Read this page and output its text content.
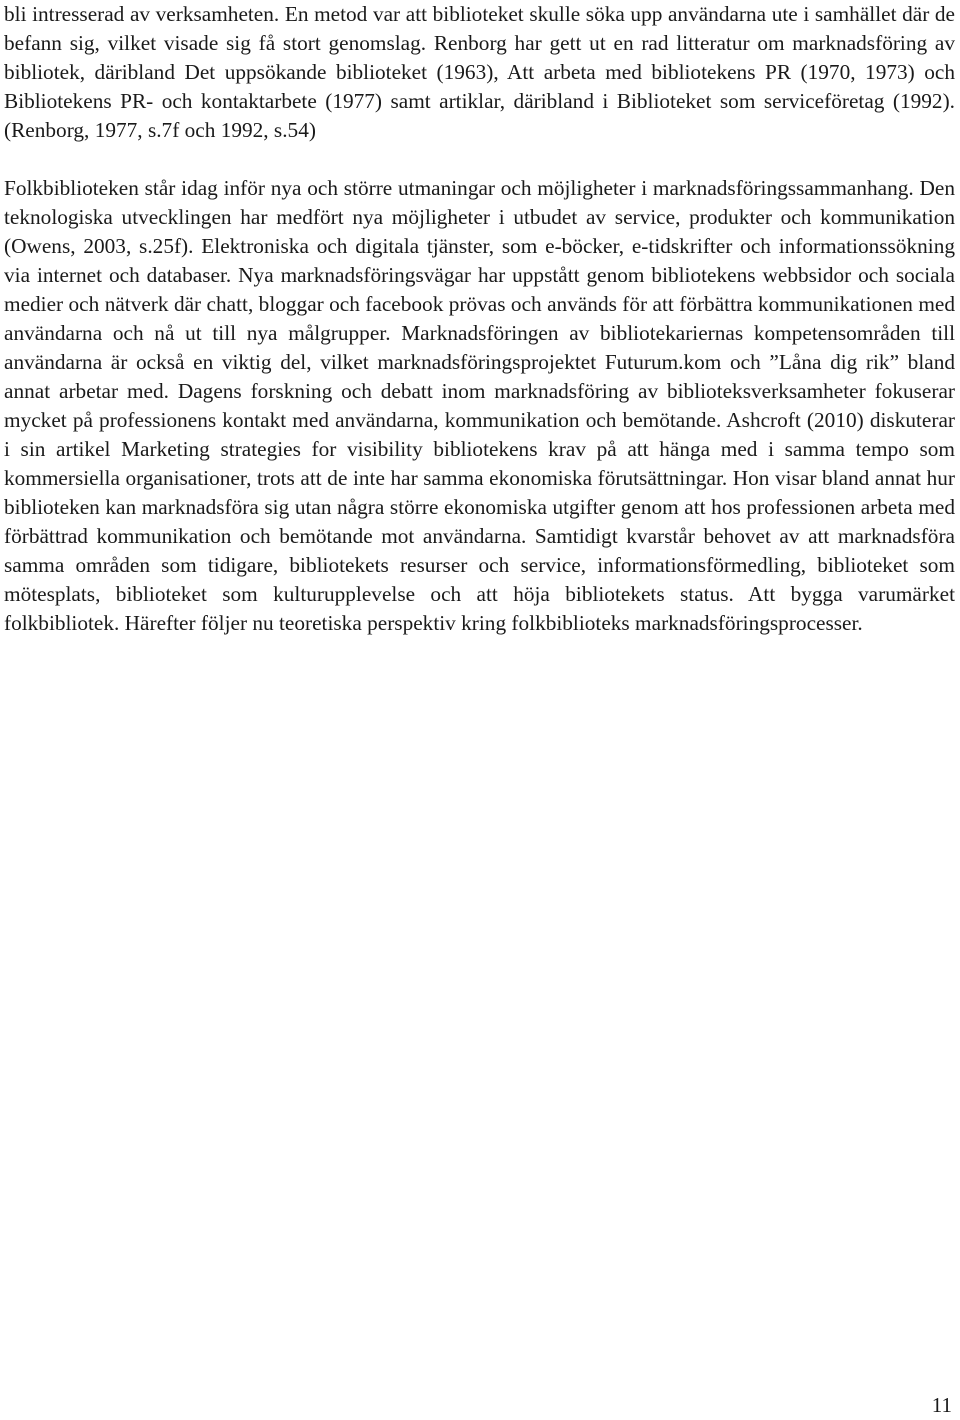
bli intresserad av verksamheten. En metod var att biblioteket skulle söka upp användarna ute i samhället där de befann sig, vilket visade sig få stort genomslag. Renborg har gett ut en rad litteratur om marknadsföring av bibliotek, däribland Det uppsökande biblioteket (1963), Att arbeta med bibliotekens PR (1970, 1973) och Bibliotekens PR- och kontaktarbete (1977) samt artiklar, däribland i Biblioteket som serviceföretag (1992). (Renborg, 1977, s.7f och 1992, s.54)

Folkbiblioteken står idag inför nya och större utmaningar och möjligheter i marknadsföringssammanhang. Den teknologiska utvecklingen har medfört nya möjligheter i utbudet av service, produkter och kommunikation (Owens, 2003, s.25f). Elektroniska och digitala tjänster, som e-böcker, e-tidskrifter och informationssökning via internet och databaser. Nya marknadsföringsvägar har uppstått genom bibliotekens webbsidor och sociala medier och nätverk där chatt, bloggar och facebook prövas och används för att förbättra kommunikationen med användarna och nå ut till nya målgrupper. Marknadsföringen av bibliotekariernas kompetensområden till användarna är också en viktig del, vilket marknadsföringsprojektet Futurum.kom och ”Låna dig rik” bland annat arbetar med. Dagens forskning och debatt inom marknadsföring av biblioteksverksamheter fokuserar mycket på professionens kontakt med användarna, kommunikation och bemötande. Ashcroft (2010) diskuterar i sin artikel Marketing strategies for visibility bibliotekens krav på att hänga med i samma tempo som kommersiella organisationer, trots att de inte har samma ekonomiska förutsättningar. Hon visar bland annat hur biblioteken kan marknadsföra sig utan några större ekonomiska utgifter genom att hos professionen arbeta med förbättrad kommunikation och bemötande mot användarna. Samtidigt kvarstår behovet av att marknadsföra samma områden som tidigare, bibliotekets resurser och service, informationsförmedling, biblioteket som mötesplats, biblioteket som kulturupplevelse och att höja bibliotekets status. Att bygga varumärket folkbibliotek. Härefter följer nu teoretiska perspektiv kring folkbiblioteks marknadsföringsprocesser.

11
